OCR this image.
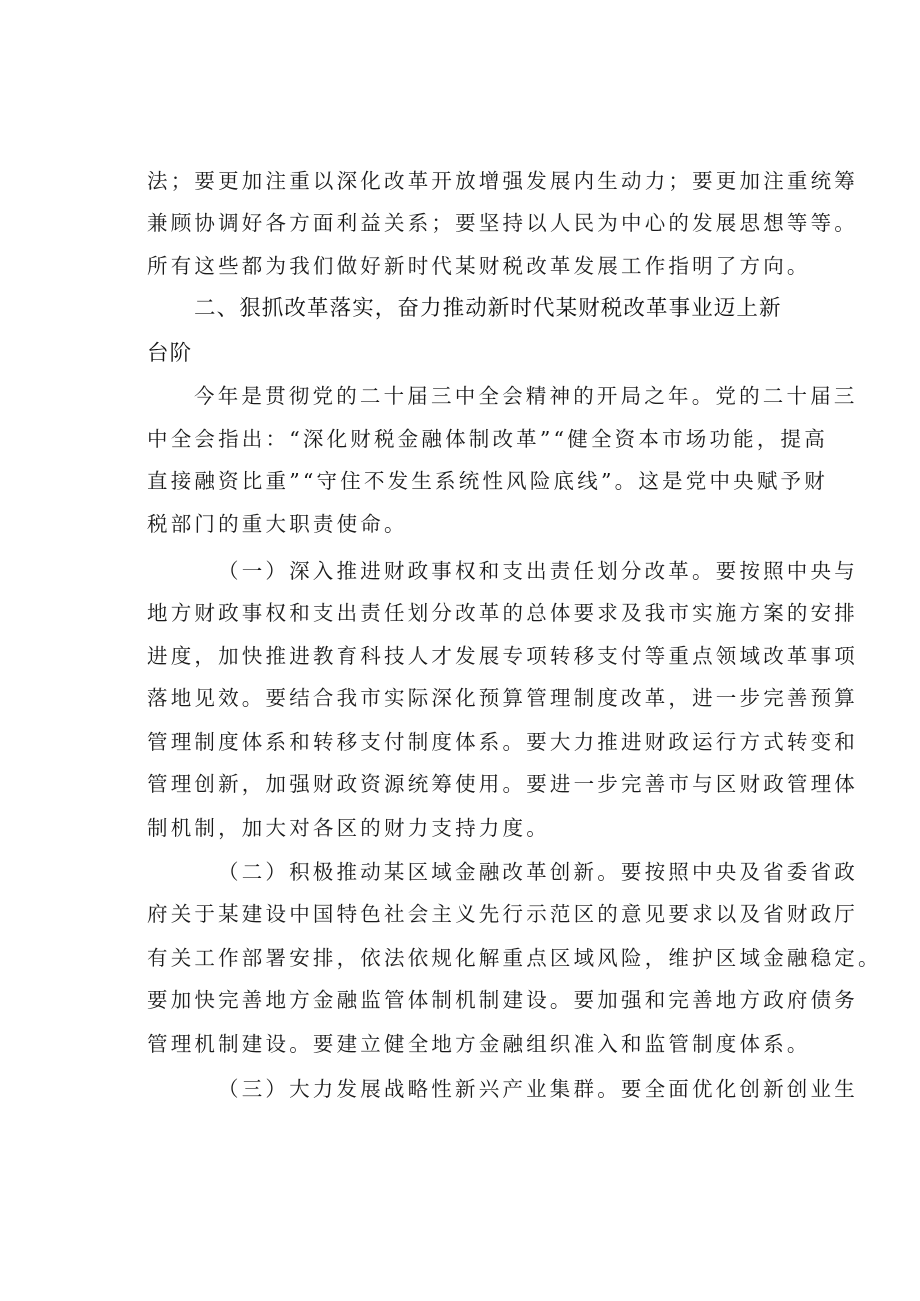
法；要更加注重以深化改革开放增强发展内生动力；要更加注重统筹
兼顾协调好各方面利益关系；要坚持以人民为中心的发展思想等等。
所有这些都为我们做好新时代某财税改革发展工作指明了方向。
二、狠抓改革落实，奋力推动新时代某财税改革事业迈上新
台阶
今年是贯彻党的二十届三中全会精神的开局之年。党的二十届三
中全会指出：“深化财税金融体制改革”“健全资本市场功能，提高
直接融资比重”“守住不发生系统性风险底线”。这是党中央赋予财
税部门的重大职责使命。
（一）深入推进财政事权和支出责任划分改革。要按照中央与
地方财政事权和支出责任划分改革的总体要求及我市实施方案的安排
进度，加快推进教育科技人才发展专项转移支付等重点领域改革事项
落地见效。要结合我市实际深化预算管理制度改革，进一步完善预算
管理制度体系和转移支付制度体系。要大力推进财政运行方式转变和
管理创新，加强财政资源统筹使用。要进一步完善市与区财政管理体
制机制，加大对各区的财力支持力度。
（二）积极推动某区域金融改革创新。要按照中央及省委省政
府关于某建设中国特色社会主义先行示范区的意见要求以及省财政厅
有关工作部署安排，依法依规化解重点区域风险，维护区域金融稳定。
要加快完善地方金融监管体制机制建设。要加强和完善地方政府债务
管理机制建设。要建立健全地方金融组织准入和监管制度体系。
（三）大力发展战略性新兴产业集群。要全面优化创新创业生
